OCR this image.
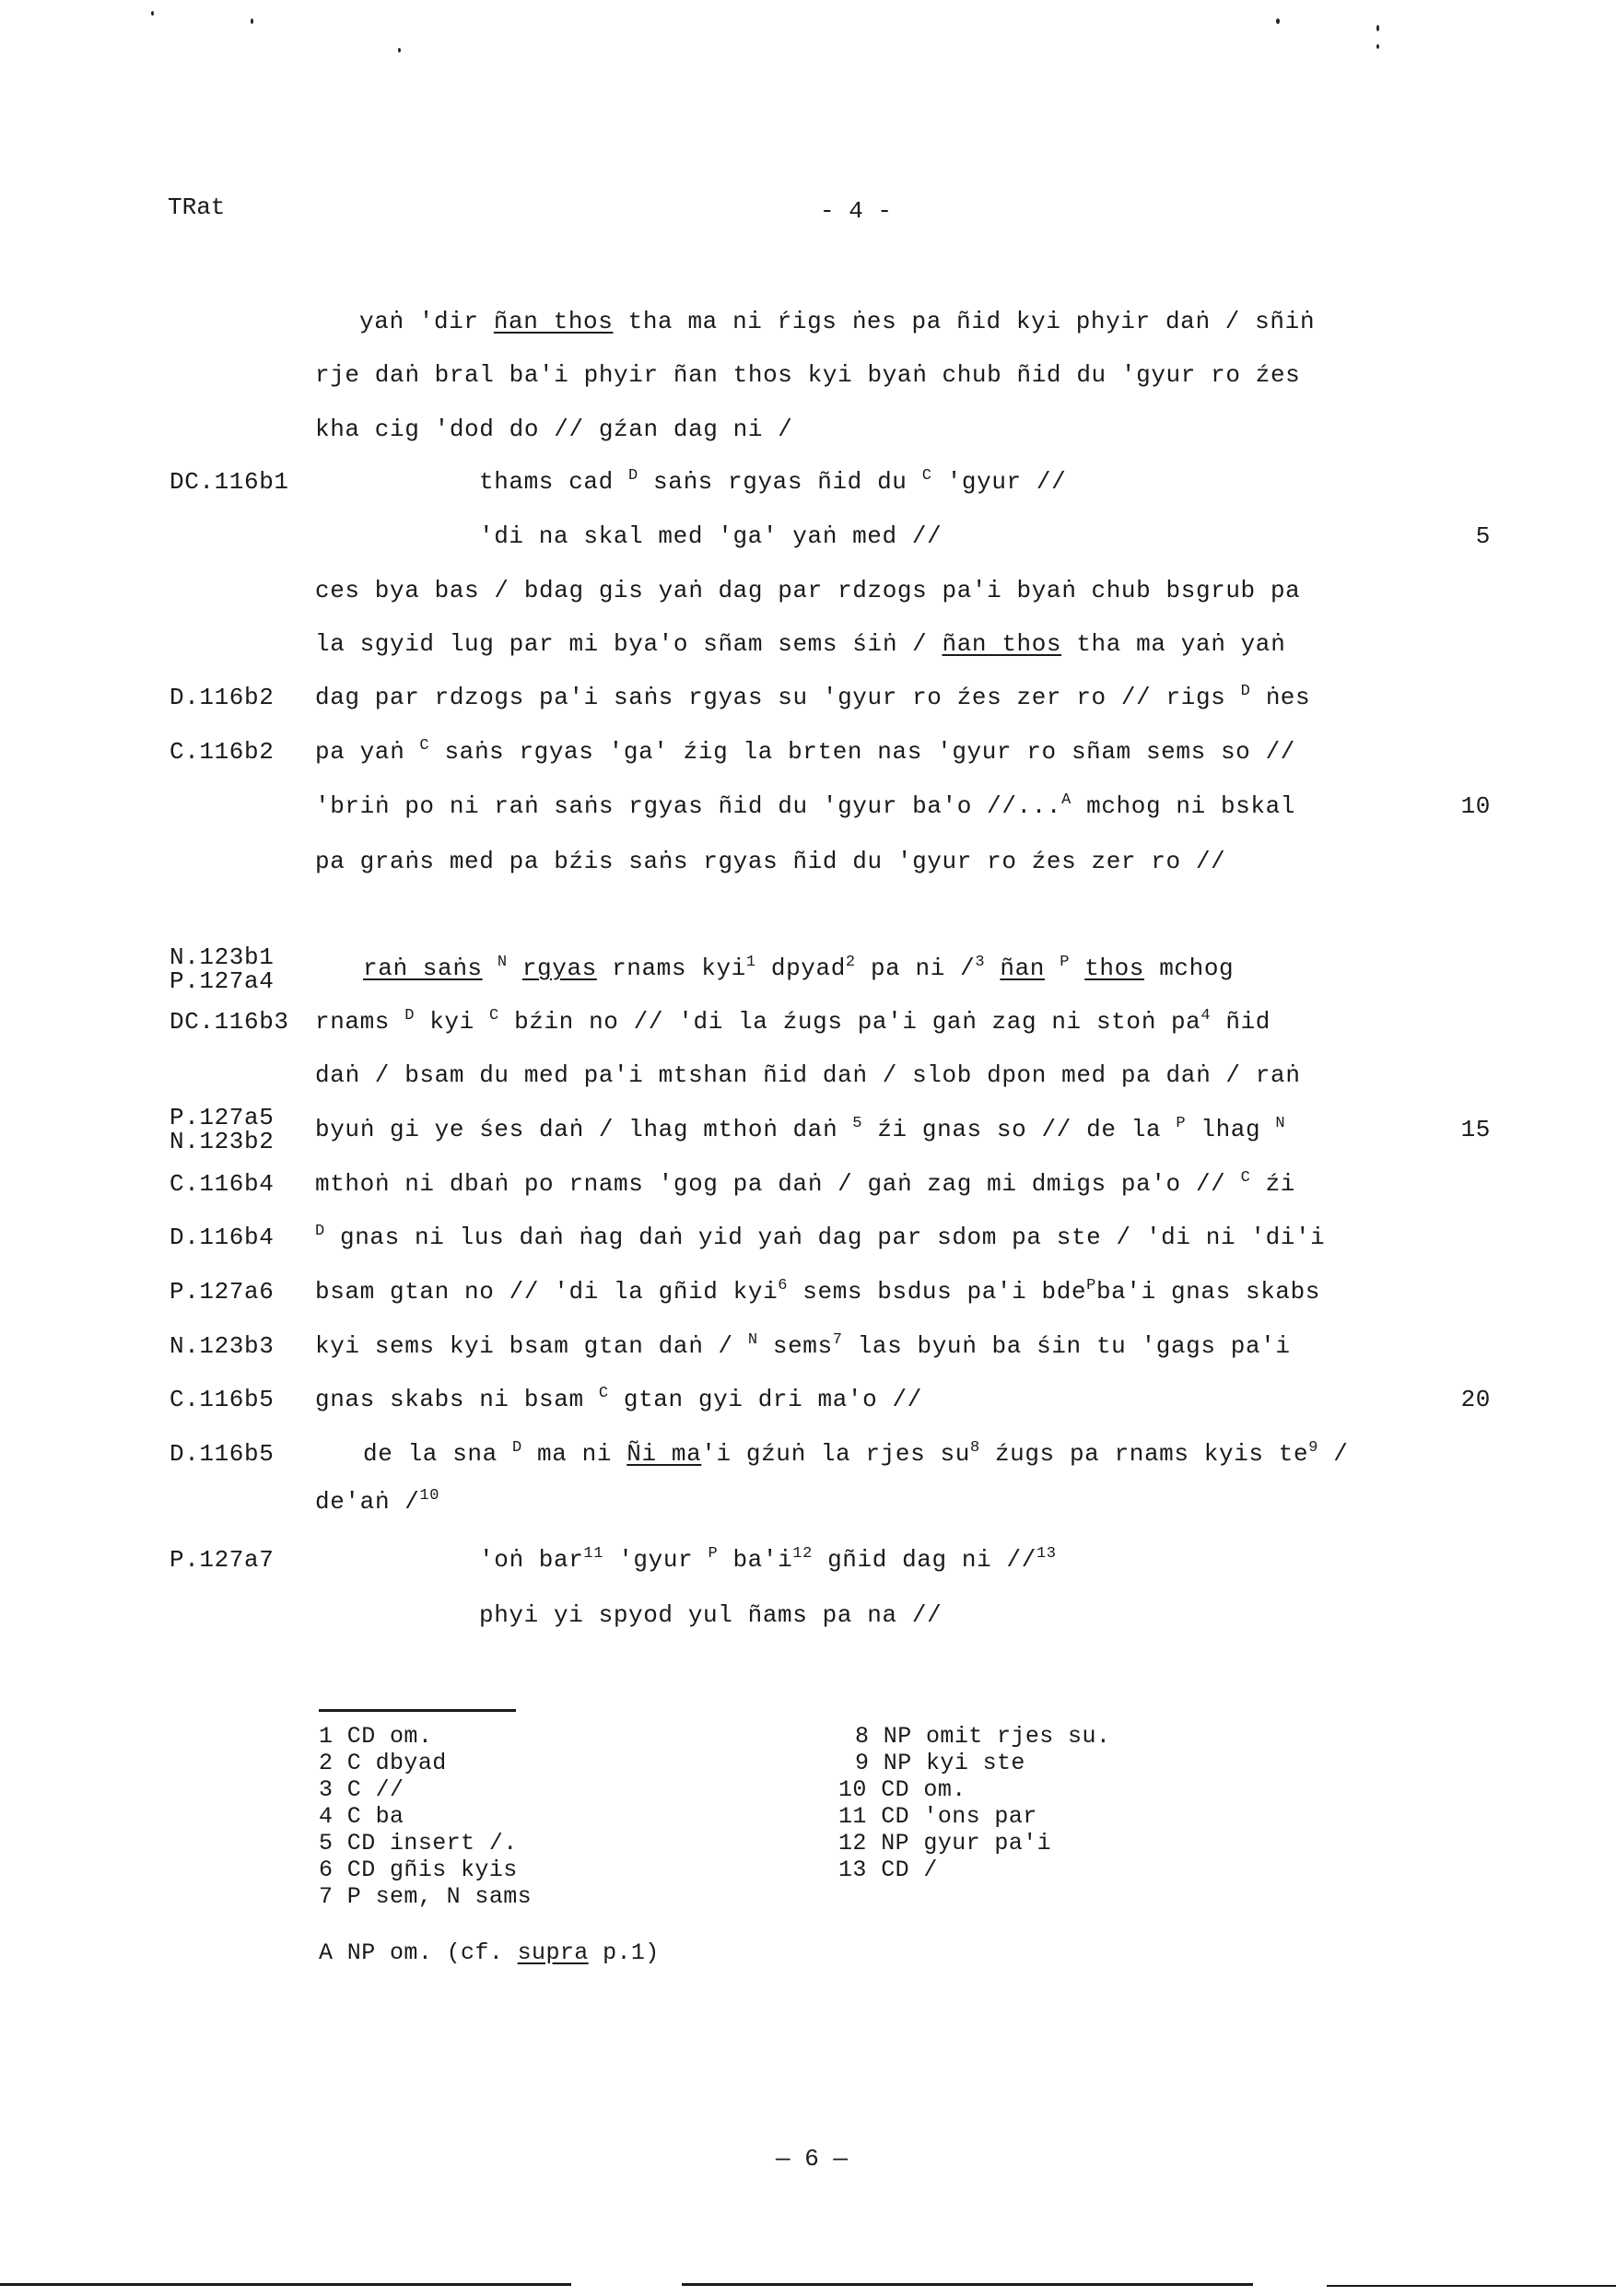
TRat	- 4 -
yaṅ 'dir ñan thos tha ma ni ŕigs ṅes pa ñid kyi phyir daṅ / sñiṅ
rje daṅ bral ba'i phyir ñan thos kyi byaṅ chub ñid du 'gyur ro źes
kha cig 'dod do // gźan dag ni /
thams cad $^D$ saṅs rgyas ñid du $^C$ 'gyur //
'di na skal med 'ga' yaṅ med //
ces bya bas / bdag gis yaṅ dag par rdzogs pa'i byaṅ chub bsgrub pa
la sgyid lug par mi bya'o sñam sems śiṅ / ñan thos tha ma yaṅ yaṅ
dag par rdzogs pa'i saṅs rgyas su 'gyur ro źes zer ro // rigs $^D$ ṅes
pa yaṅ $^C$ saṅs rgyas 'ga' źig la brten nas 'gyur ro sñam sems so //
'briṅ po ni raṅ saṅs rgyas ñid du 'gyur ba'o //...$^A$ mchog ni bskal
pa graṅs med pa bźis saṅs rgyas ñid du 'gyur ro źes zer ro //
raṅ saṅs $^N$ rgyas rnams kyi$^1$ dpyad$^2$ pa ni /$^3$ ñan $^P$ thos mchog
rnams $^D$ kyi $^C$ bźin no // 'di la źugs pa'i gaṅ zag ni stoṅ $pa^4$ ñid
daṅ / bsam du med pa'i mtshan ñid daṅ / slob dpon med pa daṅ / raṅ
byuṅ gi ye śes daṅ / lhag mthoṅ daṅ $^5$ źi gnas so // de la $^P$ lhag $^N$
mthoṅ ni dbaṅ po rnams 'gog pa daṅ / gaṅ zag mi dmigs pa'o // $^C$ źi
$^D$ gnas ni lus daṅ ṅag daṅ yid yaṅ dag par sdom pa ste / 'di ni 'di'i
bsam gtan no // 'di la gñid kyi$^6$ sems bsdus pa'i bde$^P$ba'i gnas skabs
kyi sems kyi bsam gtan daṅ / $^N$ sems$^7$ las byuṅ ba śin tu 'gags pa'i
gnas skabs ni bsam $^C$ gtan gyi dri ma'o //
de la sna $^D$ ma ni Ñi ma'i gźuṅ la rjes $su^8$ źugs pa rnams kyis $te^9$ /
de'aṅ /$^{10}$
'oṅ bar$^{11}$ 'gyur $^P$ $ba'i^{12}$ gñid dag ni //$^{13}$
phyi yi spyod yul ñams pa na //
DC.116b1
D.116b2
C.116b2
N.123b1
P.127a4
DC.116b3
P.127a5
N.123b2
C.116b4
D.116b4
P.127a6
N.123b3
C.116b5
D.116b5
P.127a7
5
10
15
20
1 CD om.
2 C dbyad
3 C //
4 C ba
5 CD insert /.
6 CD gñis kyis
7 P sem, N sams
8 NP omit rjes su.
9 NP kyi ste
10 CD om.
11 CD 'ons par
12 NP gyur pa'i
13 CD /
A NP om. (cf. supra p.1)
— 6 —
